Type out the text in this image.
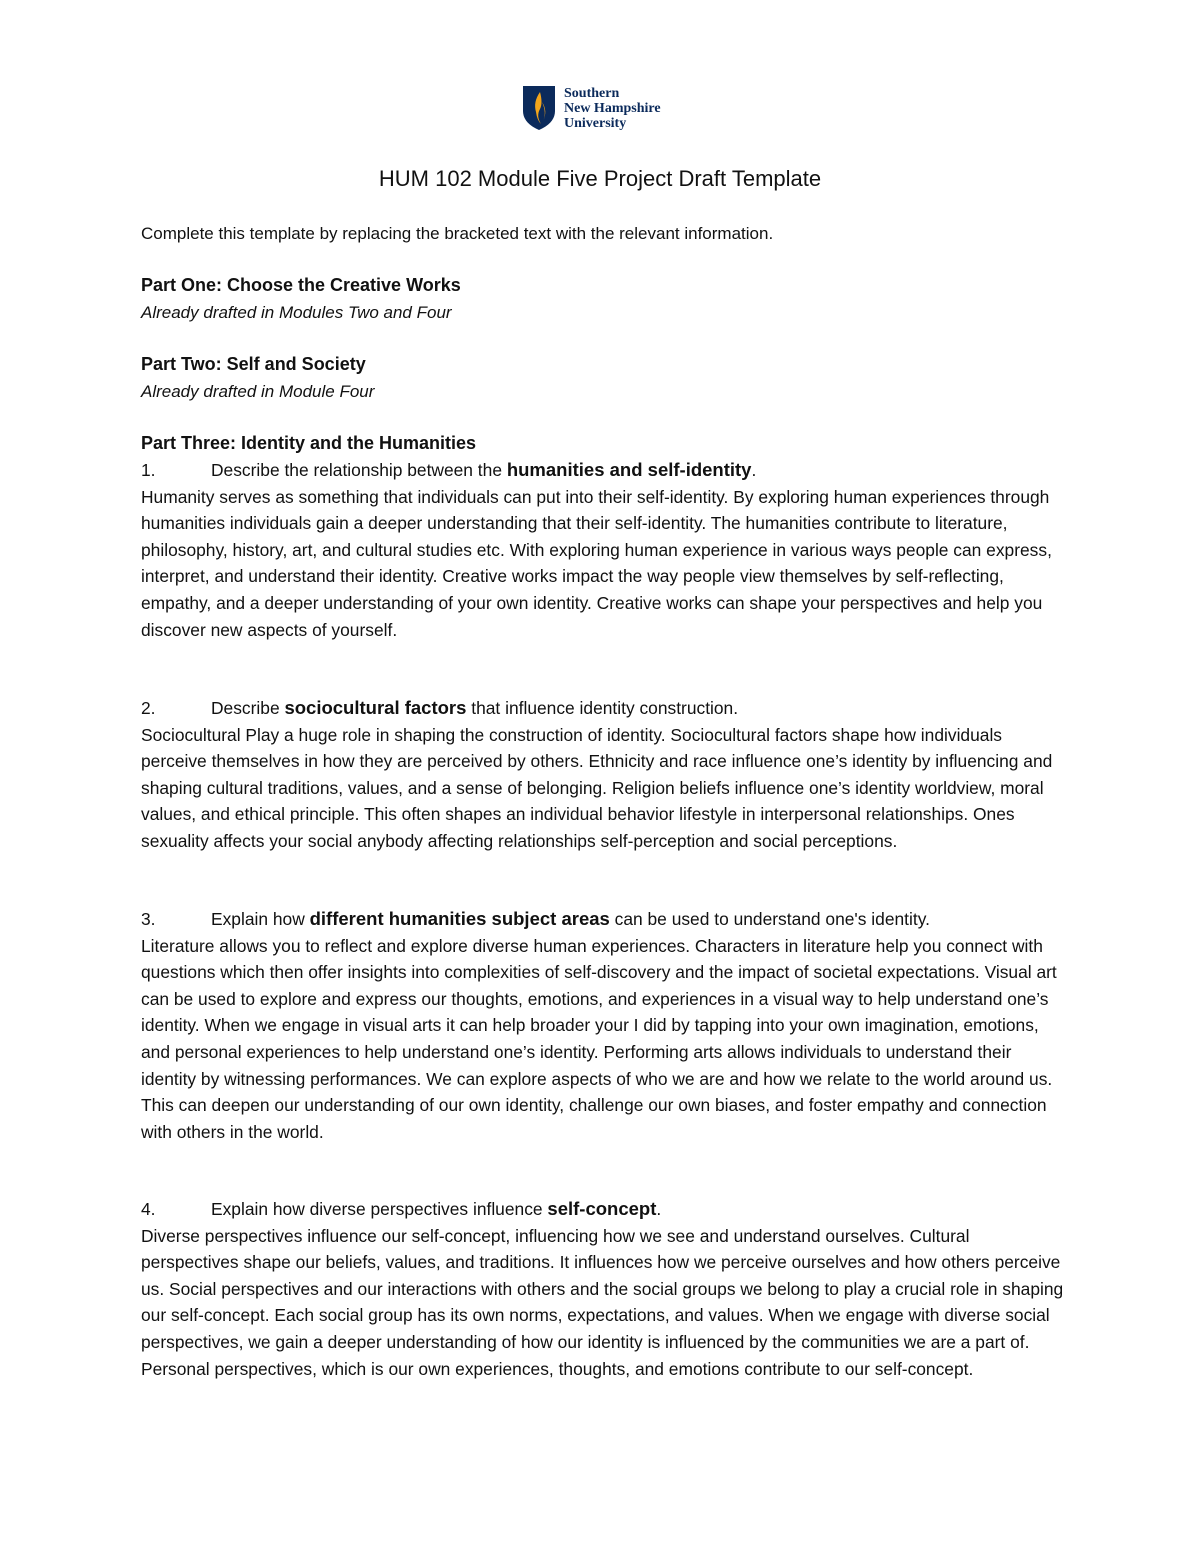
Southern
New Hampshire
University
HUM 102 Module Five Project Draft Template
Complete this template by replacing the bracketed text with the relevant information.

Part One: Choose the Creative Works

Already drafted in Modules Two and Four

Part Two: Self and Society

Already drafted in Module Four

Part Three: Identity and the Humanities

1.	Describe the relationship between the humanities and self-identity.

Humanity serves as something that individuals can put into their self-identity. By exploring human experiences through humanities individuals gain a deeper understanding that their self-identity. The humanities contribute to literature, philosophy, history, art, and cultural studies etc. With exploring human experience in various ways people can express, interpret, and understand their identity. Creative works impact the way people view themselves by self-reflecting, empathy, and a deeper understanding of your own identity. Creative works can shape your perspectives and help you discover new aspects of yourself.

2.	Describe sociocultural factors that influence identity construction.

Sociocultural Play a huge role in shaping the construction of identity. Sociocultural factors shape how individuals perceive themselves in how they are perceived by others. Ethnicity and race influence one’s identity by influencing and shaping cultural traditions, values, and a sense of belonging. Religion beliefs influence one’s identity worldview, moral values, and ethical principle. This often shapes an individual behavior lifestyle in interpersonal relationships. Ones sexuality affects your social anybody affecting relationships self-perception and social perceptions.

3.	Explain how different humanities subject areas can be used to understand one's identity.

Literature allows you to reflect and explore diverse human experiences. Characters in literature help you connect with questions which then offer insights into complexities of self-discovery and the impact of societal expectations. Visual art can be used to explore and express our thoughts, emotions, and experiences in a visual way to help understand one’s identity. When we engage in visual arts it can help broader your I did by tapping into your own imagination, emotions, and personal experiences to help understand one’s identity. Performing arts allows individuals to understand their identity by witnessing performances. We can explore aspects of who we are and how we relate to the world around us. This can deepen our understanding of our own identity, challenge our own biases, and foster empathy and connection with others in the world.

4.	Explain how diverse perspectives influence self-concept.

Diverse perspectives influence our self-concept, influencing how we see and understand ourselves. Cultural perspectives shape our beliefs, values, and traditions. It influences how we perceive ourselves and how others perceive us. Social perspectives and our interactions with others and the social groups we belong to play a crucial role in shaping our self-concept. Each social group has its own norms, expectations, and values. When we engage with diverse social perspectives, we gain a deeper understanding of how our identity is influenced by the communities we are a part of. Personal perspectives, which is our own experiences, thoughts, and emotions contribute to our self-concept.
